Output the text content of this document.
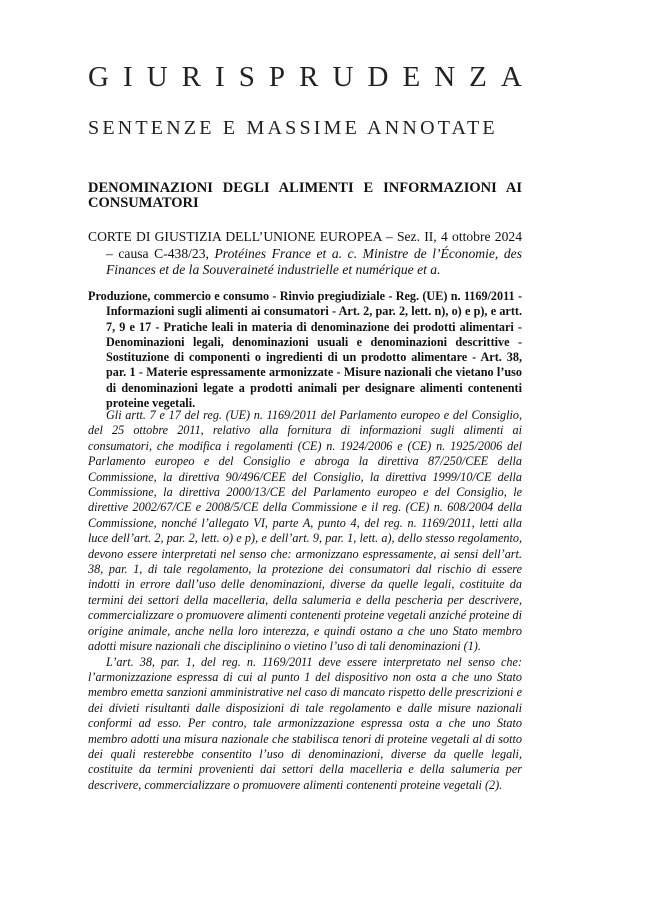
G I U R I S P R U D E N Z A
SENTENZE E MASSIME ANNOTATE
DENOMINAZIONI DEGLI ALIMENTI E INFORMAZIONI AI CONSUMATORI

CORTE DI GIUSTIZIA DELL’UNIONE EUROPEA – Sez. II, 4 ottobre 2024 – causa C-438/23, Protéines France et a. c. Ministre de l’Économie, des Finances et de la Souveraineté industrielle et numérique et a.

Produzione, commercio e consumo - Rinvio pregiudiziale - Reg. (UE) n. 1169/2011 - Informazioni sugli alimenti ai consumatori - Art. 2, par. 2, lett. n), o) e p), e artt. 7, 9 e 17 - Pratiche leali in materia di denominazione dei prodotti alimentari - Denominazioni legali, denominazioni usuali e denominazioni descrittive - Sostituzione di componenti o ingredienti di un prodotto alimentare - Art. 38, par. 1 - Materie espressamente armonizzate - Misure nazionali che vietano l’uso di denominazioni legate a prodotti animali per designare alimenti contenenti proteine vegetali.

Gli artt. 7 e 17 del reg. (UE) n. 1169/2011 del Parlamento europeo e del Consiglio, del 25 ottobre 2011, relativo alla fornitura di informazioni sugli alimenti ai consumatori, che modifica i regolamenti (CE) n. 1924/2006 e (CE) n. 1925/2006 del Parlamento europeo e del Consiglio e abroga la direttiva 87/250/CEE della Commissione, la direttiva 90/496/CEE del Consiglio, la direttiva 1999/10/CE della Commissione, la direttiva 2000/13/CE del Parlamento europeo e del Consiglio, le direttive 2002/67/CE e 2008/5/CE della Commissione e il reg. (CE) n. 608/2004 della Commissione, nonché l’allegato VI, parte A, punto 4, del reg. n. 1169/2011, letti alla luce dell’art. 2, par. 2, lett. o) e p), e dell’art. 9, par. 1, lett. a), dello stesso regolamento, devono essere interpretati nel senso che: armonizzano espressamente, ai sensi dell’art. 38, par. 1, di tale regolamento, la protezione dei consumatori dal rischio di essere indotti in errore dall’uso delle denominazioni, diverse da quelle legali, costituite da termini dei settori della macelleria, della salumeria e della pescheria per descrivere, commercializzare o promuovere alimenti contenenti proteine vegetali anziché proteine di origine animale, anche nella loro interezza, e quindi ostano a che uno Stato membro adotti misure nazionali che disciplinino o vietino l’uso di tali denominazioni (1).

L’art. 38, par. 1, del reg. n. 1169/2011 deve essere interpretato nel senso che: l’armonizzazione espressa di cui al punto 1 del dispositivo non osta a che uno Stato membro emetta sanzioni amministrative nel caso di mancato rispetto delle prescrizioni e dei divieti risultanti dalle disposizioni di tale regolamento e dalle misure nazionali conformi ad esso. Per contro, tale armonizzazione espressa osta a che uno Stato membro adotti una misura nazionale che stabilisca tenori di proteine vegetali al di sotto dei quali resterebbe consentito l’uso di denominazioni, diverse da quelle legali, costituite da termini provenienti dai settori della macelleria e della salumeria per descrivere, commercializzare o promuovere alimenti contenenti proteine vegetali (2).
